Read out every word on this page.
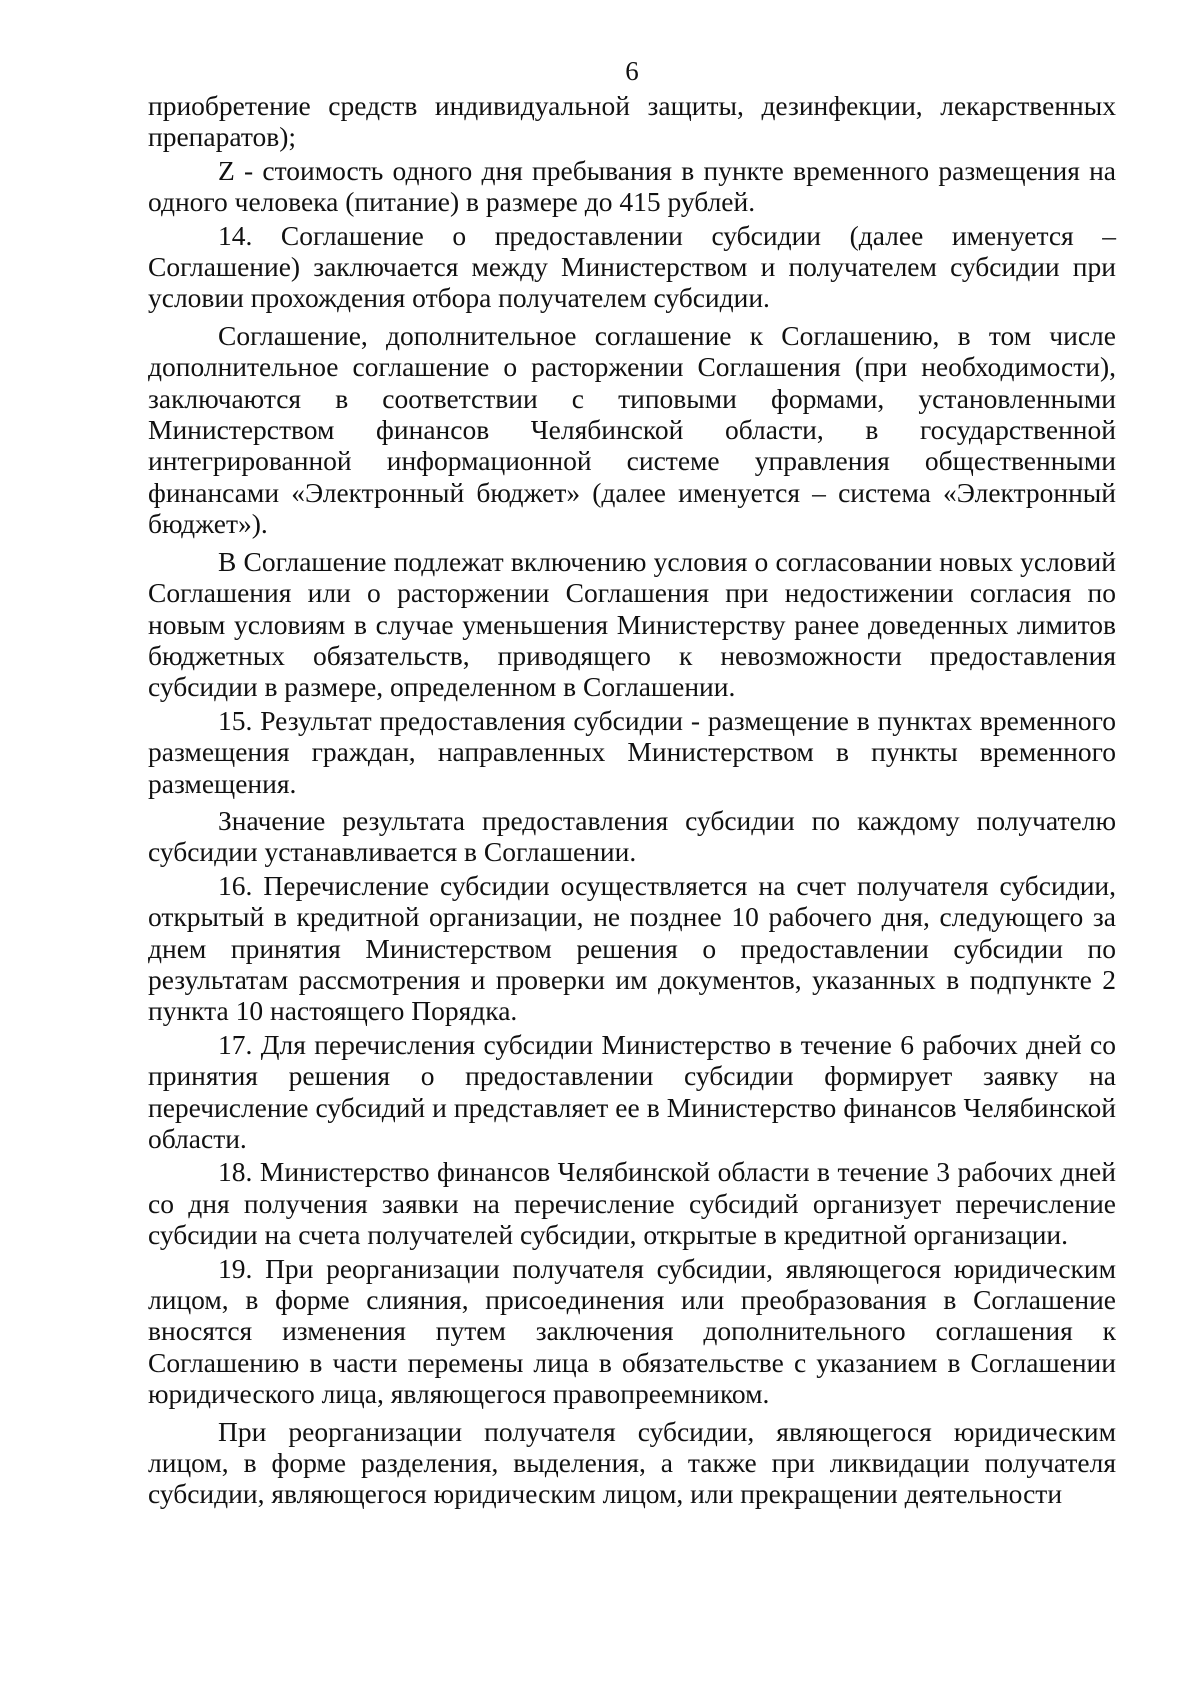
6

приобретение средств индивидуальной защиты, дезинфекции, лекарственных препаратов);

Z - стоимость одного дня пребывания в пункте временного размещения на одного человека (питание) в размере до 415 рублей.

14. Соглашение о предоставлении субсидии (далее именуется – Соглашение) заключается между Министерством и получателем субсидии при условии прохождения отбора получателем субсидии.

Соглашение, дополнительное соглашение к Соглашению, в том числе дополнительное соглашение о расторжении Соглашения (при необходимости), заключаются в соответствии с типовыми формами, установленными Министерством финансов Челябинской области, в государственной интегрированной информационной системе управления общественными финансами «Электронный бюджет» (далее именуется – система «Электронный бюджет»).

В Соглашение подлежат включению условия о согласовании новых условий Соглашения или о расторжении Соглашения при недостижении согласия по новым условиям в случае уменьшения Министерству ранее доведенных лимитов бюджетных обязательств, приводящего к невозможности предоставления субсидии в размере, определенном в Соглашении.

15. Результат предоставления субсидии - размещение в пунктах временного размещения граждан, направленных Министерством в пункты временного размещения.

Значение результата предоставления субсидии по каждому получателю субсидии устанавливается в Соглашении.

16. Перечисление субсидии осуществляется на счет получателя субсидии, открытый в кредитной организации, не позднее 10 рабочего дня, следующего за днем принятия Министерством решения о предоставлении субсидии по результатам рассмотрения и проверки им документов, указанных в подпункте 2 пункта 10 настоящего Порядка.

17. Для перечисления субсидии Министерство в течение 6 рабочих дней со принятия решения о предоставлении субсидии формирует заявку на перечисление субсидий и представляет ее в Министерство финансов Челябинской области.

18. Министерство финансов Челябинской области в течение 3 рабочих дней со дня получения заявки на перечисление субсидий организует перечисление субсидии на счета получателей субсидии, открытые в кредитной организации.

19. При реорганизации получателя субсидии, являющегося юридическим лицом, в форме слияния, присоединения или преобразования в Соглашение вносятся изменения путем заключения дополнительного соглашения к Соглашению в части перемены лица в обязательстве с указанием в Соглашении юридического лица, являющегося правопреемником.

При реорганизации получателя субсидии, являющегося юридическим лицом, в форме разделения, выделения, а также при ликвидации получателя субсидии, являющегося юридическим лицом, или прекращении деятельности
